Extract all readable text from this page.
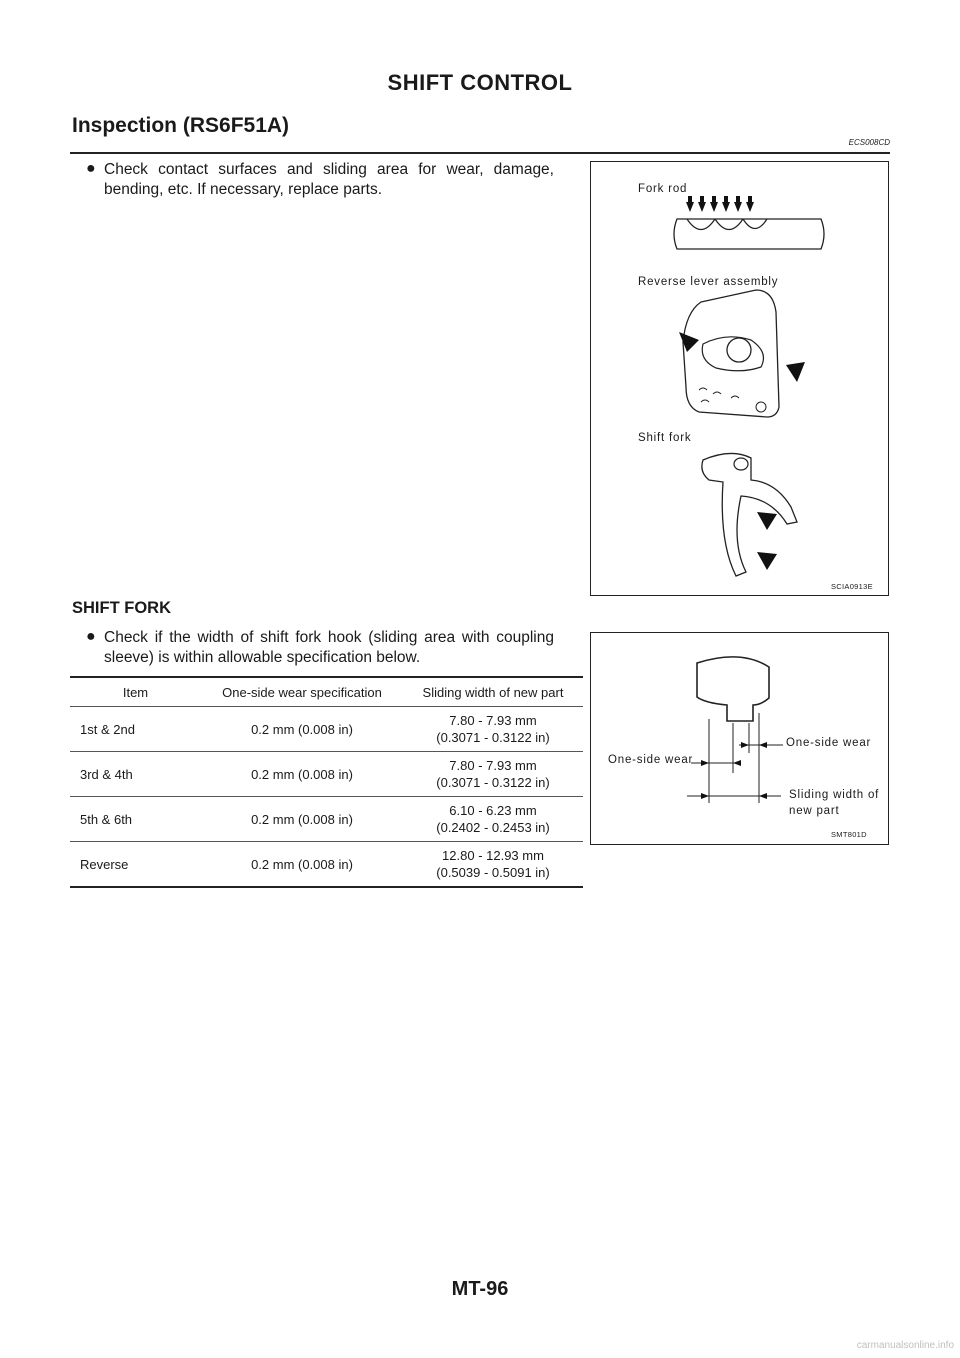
SHIFT CONTROL
Inspection (RS6F51A)
ECS008CD
● Check contact surfaces and sliding area for wear, damage, bending, etc. If necessary, replace parts.	Fork rod
Reverse lever assembly
Shift fork
SCIA0913E
SHIFT FORK
● Check if the width of shift fork hook (sliding area with coupling sleeve) is within allowable specification below.
Item	One-side wear specification	Sliding width of new part
1st & 2nd	0.2 mm (0.008 in)	7.80 - 7.93 mm
(0.3071 - 0.3122 in)
3rd & 4th	0.2 mm (0.008 in)	7.80 - 7.93 mm
(0.3071 - 0.3122 in)
5th & 6th	0.2 mm (0.008 in)	6.10 - 6.23 mm
(0.2402 - 0.2453 in)
Reverse	0.2 mm (0.008 in)	12.80 - 12.93 mm
(0.5039 - 0.5091 in)
One-side wear
One-side wear
Sliding width of
new part
SMT801D
MT-96
carmanualsonline.info
